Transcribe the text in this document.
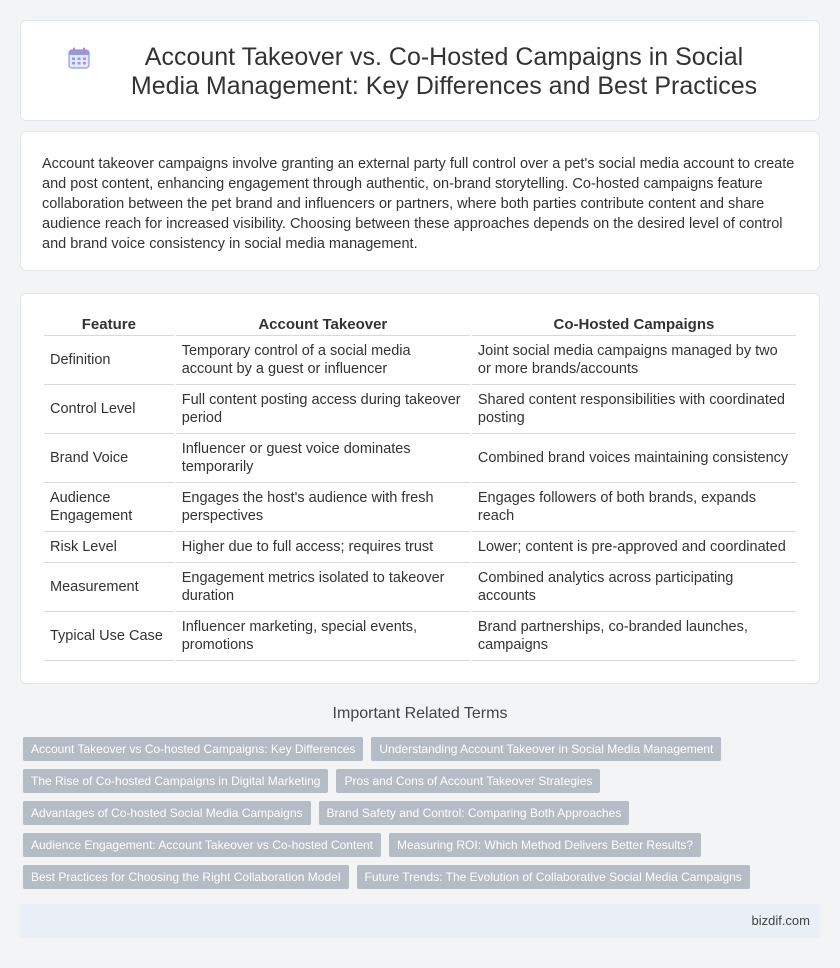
Account Takeover vs. Co-Hosted Campaigns in Social Media Management: Key Differences and Best Practices

Account takeover campaigns involve granting an external party full control over a pet's social media account to create and post content, enhancing engagement through authentic, on-brand storytelling. Co-hosted campaigns feature collaboration between the pet brand and influencers or partners, where both parties contribute content and share audience reach for increased visibility. Choosing between these approaches depends on the desired level of control and brand voice consistency in social media management.

Feature	Account Takeover	Co-Hosted Campaigns
Definition	Temporary control of a social media account by a guest or influencer	Joint social media campaigns managed by two or more brands/accounts
Control Level	Full content posting access during takeover period	Shared content responsibilities with coordinated posting
Brand Voice	Influencer or guest voice dominates temporarily	Combined brand voices maintaining consistency
Audience Engagement	Engages the host's audience with fresh perspectives	Engages followers of both brands, expands reach
Risk Level	Higher due to full access; requires trust	Lower; content is pre-approved and coordinated
Measurement	Engagement metrics isolated to takeover duration	Combined analytics across participating accounts
Typical Use Case	Influencer marketing, special events, promotions	Brand partnerships, co-branded launches, campaigns
Important Related Terms
Account Takeover vs Co-hosted Campaigns: Key Differences	Understanding Account Takeover in Social Media Management
The Rise of Co-hosted Campaigns in Digital Marketing	Pros and Cons of Account Takeover Strategies
Advantages of Co-hosted Social Media Campaigns	Brand Safety and Control: Comparing Both Approaches
Audience Engagement: Account Takeover vs Co-hosted Content	Measuring ROI: Which Method Delivers Better Results?
Best Practices for Choosing the Right Collaboration Model	Future Trends: The Evolution of Collaborative Social Media Campaigns
bizdif.com
